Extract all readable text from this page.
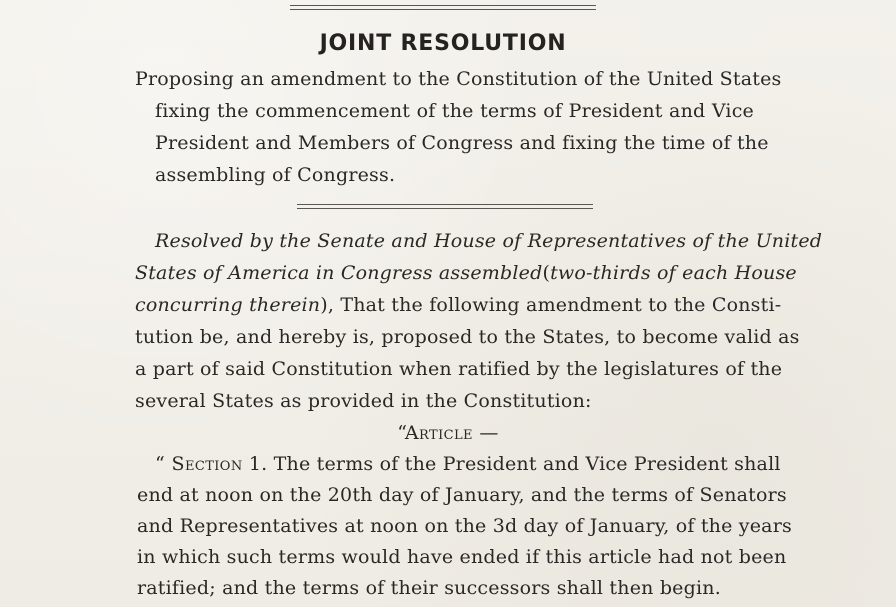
JOINT RESOLUTION
Proposing an amendment to the Constitution of the United States
fixing the commencement of the terms of President and Vice
President and Members of Congress and fixing the time of the
assembling of Congress.
Resolved by the Senate and House of Representatives of the United
States of America in Congress assembled ( two-thirds of each House
concurring therein), That the following amendment to the Consti-
tution be, and hereby is, proposed to the States, to become valid as
a part of said Constitution when ratified by the legislatures of the
several States as provided in the Constitution:
“Article —
“ Section 1. The terms of the President and Vice President shall
end at noon on the 20th day of January, and the terms of Senators
and Representatives at noon on the 3d day of January, of the years
in which such terms would have ended if this article had not been
ratified; and the terms of their successors shall then begin.
